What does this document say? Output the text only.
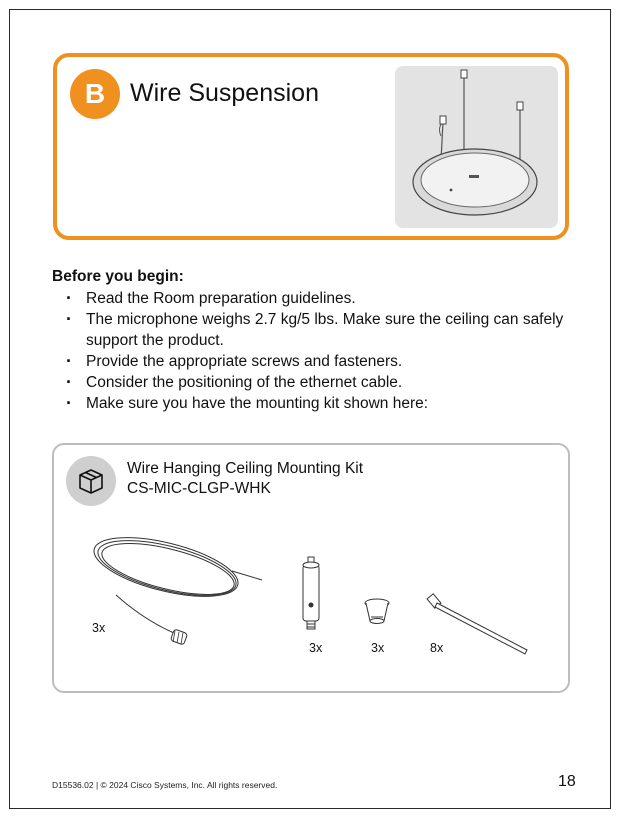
B Wire Suspension

Before you begin:

· Read the Room preparation guidelines.
· The microphone weighs 2.7 kg/5 lbs. Make sure the ceiling can safely support the product.
· Provide the appropriate screws and fasteners.
· Consider the positioning of the ethernet cable.
· Make sure you have the mounting kit shown here:
Wire Hanging Ceiling Mounting Kit
CS-MIC-CLGP-WHK
3x
3x	3x	8x
D15536.02 | © 2024 Cisco Systems, Inc. All rights reserved.	18
